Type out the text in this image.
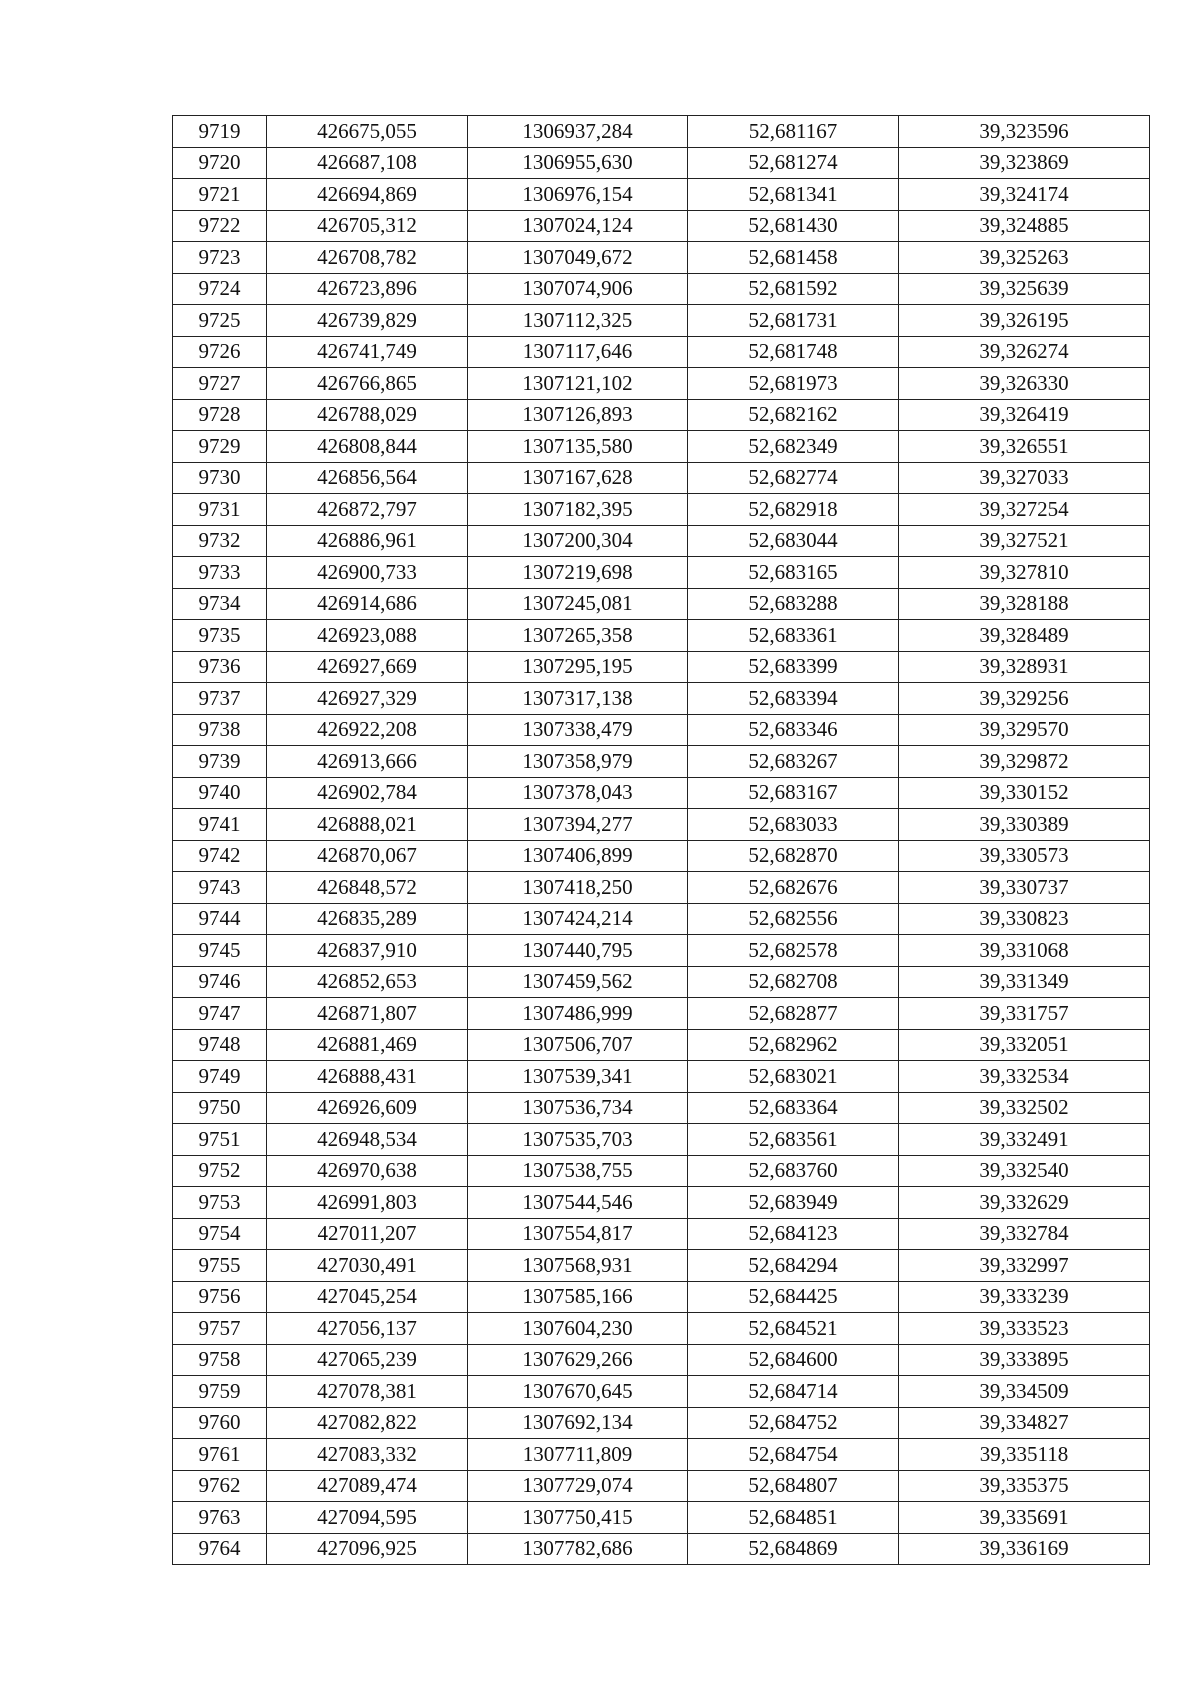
9719	426675,055	1306937,284	52,681167	39,323596
9720	426687,108	1306955,630	52,681274	39,323869
9721	426694,869	1306976,154	52,681341	39,324174
9722	426705,312	1307024,124	52,681430	39,324885
9723	426708,782	1307049,672	52,681458	39,325263
9724	426723,896	1307074,906	52,681592	39,325639
9725	426739,829	1307112,325	52,681731	39,326195
9726	426741,749	1307117,646	52,681748	39,326274
9727	426766,865	1307121,102	52,681973	39,326330
9728	426788,029	1307126,893	52,682162	39,326419
9729	426808,844	1307135,580	52,682349	39,326551
9730	426856,564	1307167,628	52,682774	39,327033
9731	426872,797	1307182,395	52,682918	39,327254
9732	426886,961	1307200,304	52,683044	39,327521
9733	426900,733	1307219,698	52,683165	39,327810
9734	426914,686	1307245,081	52,683288	39,328188
9735	426923,088	1307265,358	52,683361	39,328489
9736	426927,669	1307295,195	52,683399	39,328931
9737	426927,329	1307317,138	52,683394	39,329256
9738	426922,208	1307338,479	52,683346	39,329570
9739	426913,666	1307358,979	52,683267	39,329872
9740	426902,784	1307378,043	52,683167	39,330152
9741	426888,021	1307394,277	52,683033	39,330389
9742	426870,067	1307406,899	52,682870	39,330573
9743	426848,572	1307418,250	52,682676	39,330737
9744	426835,289	1307424,214	52,682556	39,330823
9745	426837,910	1307440,795	52,682578	39,331068
9746	426852,653	1307459,562	52,682708	39,331349
9747	426871,807	1307486,999	52,682877	39,331757
9748	426881,469	1307506,707	52,682962	39,332051
9749	426888,431	1307539,341	52,683021	39,332534
9750	426926,609	1307536,734	52,683364	39,332502
9751	426948,534	1307535,703	52,683561	39,332491
9752	426970,638	1307538,755	52,683760	39,332540
9753	426991,803	1307544,546	52,683949	39,332629
9754	427011,207	1307554,817	52,684123	39,332784
9755	427030,491	1307568,931	52,684294	39,332997
9756	427045,254	1307585,166	52,684425	39,333239
9757	427056,137	1307604,230	52,684521	39,333523
9758	427065,239	1307629,266	52,684600	39,333895
9759	427078,381	1307670,645	52,684714	39,334509
9760	427082,822	1307692,134	52,684752	39,334827
9761	427083,332	1307711,809	52,684754	39,335118
9762	427089,474	1307729,074	52,684807	39,335375
9763	427094,595	1307750,415	52,684851	39,335691
9764	427096,925	1307782,686	52,684869	39,336169
